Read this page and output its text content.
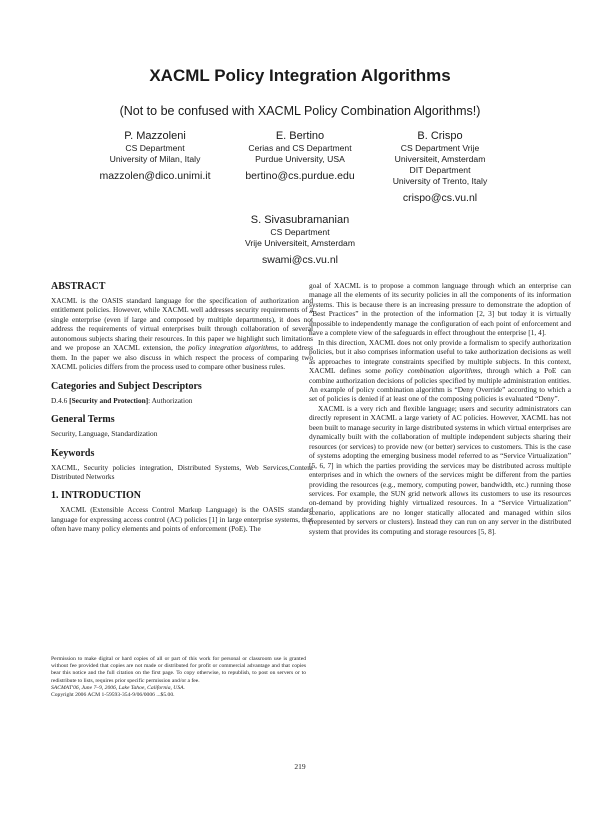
XACML Policy Integration Algorithms
(Not to be confused with XACML Policy Combination Algorithms!)
P. Mazzoleni
CS Department
University of Milan, Italy
mazzolen@dico.unimi.it
E. Bertino
Cerias and CS Department
Purdue University, USA
bertino@cs.purdue.edu
B. Crispo
CS Department Vrije
Universiteit, Amsterdam
DIT Department
University of Trento, Italy
crispo@cs.vu.nl
S. Sivasubramanian
CS Department
Vrije Universiteit, Amsterdam
swami@cs.vu.nl
ABSTRACT

XACML is the OASIS standard language for the specification of authorization and entitlement policies. However, while XACML well addresses security requirements of a single enterprise (even if large and composed by multiple departments), it does not address the requirements of virtual enterprises built through collaboration of several autonomous subjects sharing their resources. In this paper we highlight such limitations and we propose an XACML extension, the policy integration algorithms, to address them. In the paper we also discuss in which respect the process of comparing two XACML policies differs from the process used to compare other business rules.

Categories and Subject Descriptors

D.4.6 [Security and Protection]: Authorization

General Terms

Security, Language, Standardization

Keywords

XACML, Security policies integration, Distributed Systems, Web Services,Content Distributed Networks

1. INTRODUCTION

XACML (Extensible Access Control Markup Language) is the OASIS standard language for expressing access control (AC) policies [1] in large enterprise systems, that often have many policy elements and points of enforcement (PoE). The

Permission to make digital or hard copies of all or part of this work for personal or classroom use is granted without fee provided that copies are not made or distributed for profit or commercial advantage and that copies bear this notice and the full citation on the first page. To copy otherwise, to republish, to post on servers or to redistribute to lists, requires prior specific permission and/or a fee.

SACMAT'06, June 7–9, 2006, Lake Tahoe, California, USA.

Copyright 2006 ACM 1-59593-354-9/06/0006 ...$5.00.

goal of XACML is to propose a common language through which an enterprise can manage all the elements of its security policies in all the components of its information systems. This is because there is an increasing pressure to demonstrate the adoption of “Best Practices” in the protection of the information [2, 3] but today it is virtually impossible to independently manage the configuration of each point of enforcement and have a complete view of the safeguards in effect throughout the enterprise [1, 4].

In this direction, XACML does not only provide a formalism to specify authorization policies, but it also comprises information useful to take authorization decisions as well as approaches to integrate constraints specified by multiple subjects. In this context, XACML defines some policy combination algorithms, through which a PoE can combine authorization decisions of policies specified by multiple administration entities. An example of policy combination algorithm is “Deny Override” according to which a set of policies is denied if at least one of the composing policies is evaluated “Deny”.

XACML is a very rich and flexible language; users and security administrators can directly represent in XACML a large variety of AC policies. However, XACML has not been built to manage security in large distributed systems in which virtual enterprises are dynamically built with the collaboration of multiple independent subjects sharing their resources (or services) to provide new (or better) services to customers. This is the case of systems adopting the emerging business model referred to as “Service Virtualization” [5, 6, 7] in which the parties providing the services may be distributed across multiple enterprises and in which the owners of the services might be different from the parties providing the resources (e.g., memory, computing power, bandwidth, etc.) running those services. For example, the SUN grid network allows its customers to use its resources on-demand by providing highly virtualized resources. In a “Service Virtualization” scenario, applications are no longer statically allocated and managed within silos (represented by servers or clusters). Instead they can run on any server in the distributed system that provides its computing and storage resources [5, 8].

219
